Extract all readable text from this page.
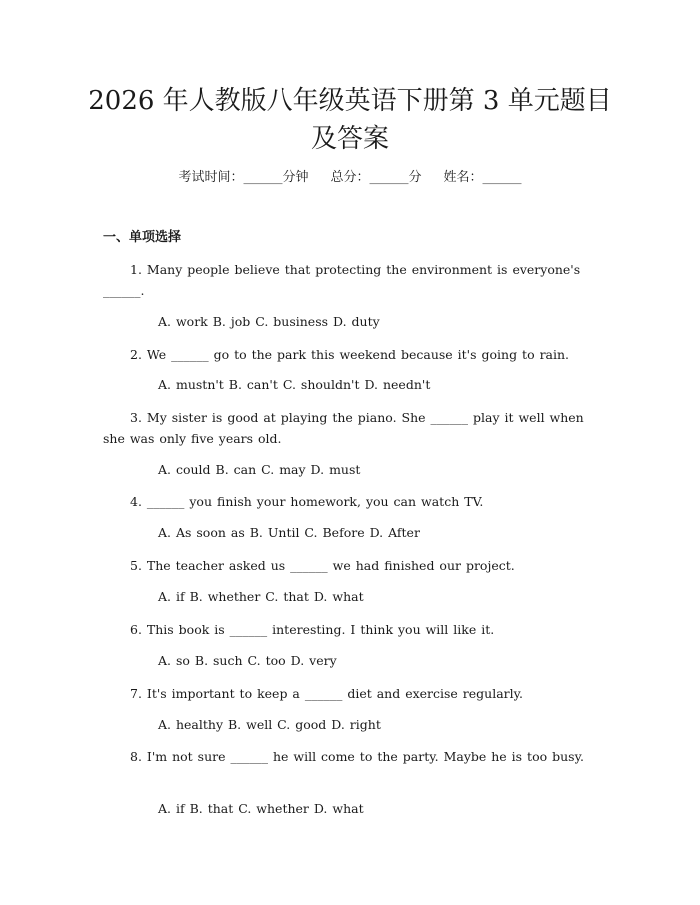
2026 年人教版八年级英语下册第 3 单元题目
及答案
考试时间：______分钟 总分：______分 姓名：______
一、单项选择
1. Many people believe that protecting the environment is everyone's ______.
A. work B. job C. business D. duty
2. We ______ go to the park this weekend because it's going to rain.
A. mustn't B. can't C. shouldn't D. needn't
3. My sister is good at playing the piano. She ______ play it well when she was only five years old.
A. could B. can C. may D. must
4. ______ you finish your homework, you can watch TV.
A. As soon as B. Until C. Before D. After
5. The teacher asked us ______ we had finished our project.
A. if B. whether C. that D. what
6. This book is ______ interesting. I think you will like it.
A. so B. such C. too D. very
7. It's important to keep a ______ diet and exercise regularly.
A. healthy B. well C. good D. right
8. I'm not sure ______ he will come to the party. Maybe he is too busy.
A. if B. that C. whether D. what
